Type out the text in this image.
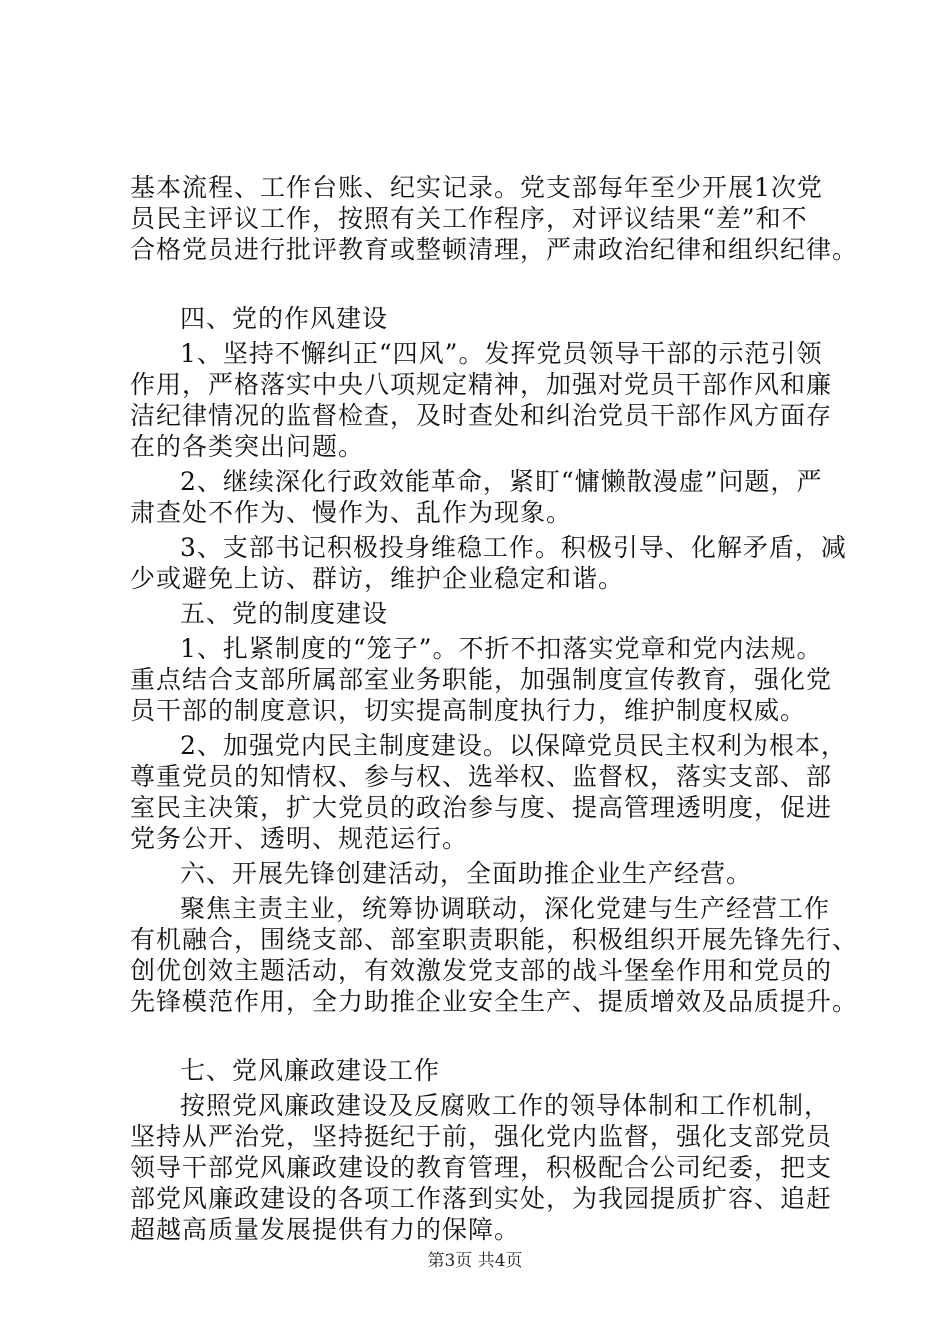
基本流程、工作台账、纪实记录。党支部每年至少开展1次党

员民主评议工作，按照有关工作程序，对评议结果“差”和不

合格党员进行批评教育或整顿清理，严肃政治纪律和组织纪律。

四、党的作风建设

1、坚持不懈纠正“四风”。发挥党员领导干部的示范引领

作用，严格落实中央八项规定精神，加强对党员干部作风和廉

洁纪律情况的监督检查，及时查处和纠治党员干部作风方面存

在的各类突出问题。

2、继续深化行政效能革命，紧盯“慵懒散漫虚”问题，严

肃查处不作为、慢作为、乱作为现象。

3、支部书记积极投身维稳工作。积极引导、化解矛盾，减

少或避免上访、群访，维护企业稳定和谐。

五、党的制度建设

1、扎紧制度的“笼子”。不折不扣落实党章和党内法规。

重点结合支部所属部室业务职能，加强制度宣传教育，强化党

员干部的制度意识，切实提高制度执行力，维护制度权威。

2、加强党内民主制度建设。以保障党员民主权利为根本，

尊重党员的知情权、参与权、选举权、监督权，落实支部、部

室民主决策，扩大党员的政治参与度、提高管理透明度，促进

党务公开、透明、规范运行。

六、开展先锋创建活动，全面助推企业生产经营。

聚焦主责主业，统筹协调联动，深化党建与生产经营工作

有机融合，围绕支部、部室职责职能，积极组织开展先锋先行、

创优创效主题活动，有效激发党支部的战斗堡垒作用和党员的

先锋模范作用，全力助推企业安全生产、提质增效及品质提升。

七、党风廉政建设工作

按照党风廉政建设及反腐败工作的领导体制和工作机制，

坚持从严治党，坚持挺纪于前，强化党内监督，强化支部党员

领导干部党风廉政建设的教育管理，积极配合公司纪委，把支

部党风廉政建设的各项工作落到实处，为我园提质扩容、追赶

超越高质量发展提供有力的保障。

第3页 共4页
